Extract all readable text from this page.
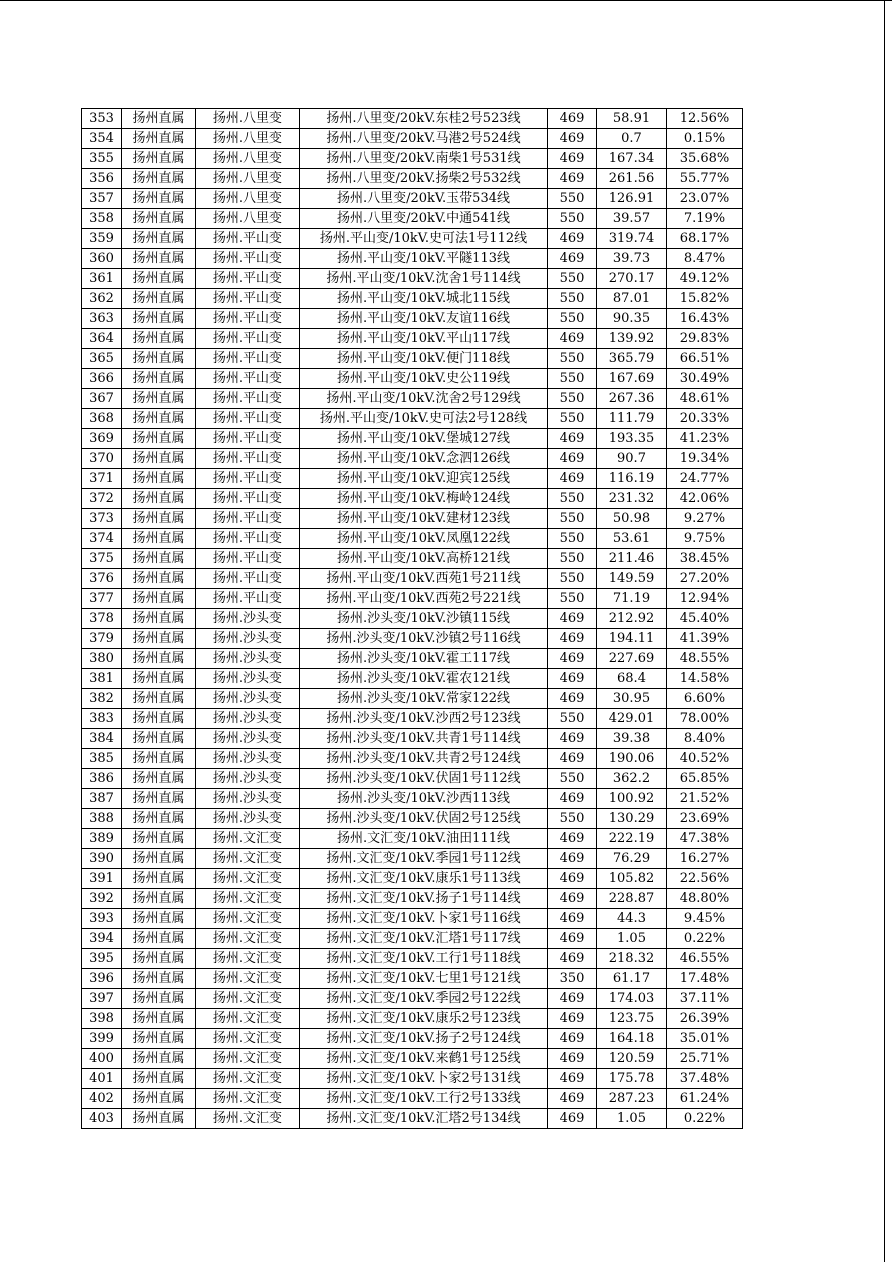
353	扬州直属	扬州.八里变	扬州.八里变/20kV.东桂2号523线	469	58.91	12.56%
354	扬州直属	扬州.八里变	扬州.八里变/20kV.马港2号524线	469	0.7	0.15%
355	扬州直属	扬州.八里变	扬州.八里变/20kV.南柴1号531线	469	167.34	35.68%
356	扬州直属	扬州.八里变	扬州.八里变/20kV.扬柴2号532线	469	261.56	55.77%
357	扬州直属	扬州.八里变	扬州.八里变/20kV.玉带534线	550	126.91	23.07%
358	扬州直属	扬州.八里变	扬州.八里变/20kV.中通541线	550	39.57	7.19%
359	扬州直属	扬州.平山变	扬州.平山变/10kV.史可法1号112线	469	319.74	68.17%
360	扬州直属	扬州.平山变	扬州.平山变/10kV.平隧113线	469	39.73	8.47%
361	扬州直属	扬州.平山变	扬州.平山变/10kV.沈舍1号114线	550	270.17	49.12%
362	扬州直属	扬州.平山变	扬州.平山变/10kV.城北115线	550	87.01	15.82%
363	扬州直属	扬州.平山变	扬州.平山变/10kV.友谊116线	550	90.35	16.43%
364	扬州直属	扬州.平山变	扬州.平山变/10kV.平山117线	469	139.92	29.83%
365	扬州直属	扬州.平山变	扬州.平山变/10kV.便门118线	550	365.79	66.51%
366	扬州直属	扬州.平山变	扬州.平山变/10kV.史公119线	550	167.69	30.49%
367	扬州直属	扬州.平山变	扬州.平山变/10kV.沈舍2号129线	550	267.36	48.61%
368	扬州直属	扬州.平山变	扬州.平山变/10kV.史可法2号128线	550	111.79	20.33%
369	扬州直属	扬州.平山变	扬州.平山变/10kV.堡城127线	469	193.35	41.23%
370	扬州直属	扬州.平山变	扬州.平山变/10kV.念泗126线	469	90.7	19.34%
371	扬州直属	扬州.平山变	扬州.平山变/10kV.迎宾125线	469	116.19	24.77%
372	扬州直属	扬州.平山变	扬州.平山变/10kV.梅岭124线	550	231.32	42.06%
373	扬州直属	扬州.平山变	扬州.平山变/10kV.建材123线	550	50.98	9.27%
374	扬州直属	扬州.平山变	扬州.平山变/10kV.凤凰122线	550	53.61	9.75%
375	扬州直属	扬州.平山变	扬州.平山变/10kV.高桥121线	550	211.46	38.45%
376	扬州直属	扬州.平山变	扬州.平山变/10kV.西苑1号211线	550	149.59	27.20%
377	扬州直属	扬州.平山变	扬州.平山变/10kV.西苑2号221线	550	71.19	12.94%
378	扬州直属	扬州.沙头变	扬州.沙头变/10kV.沙镇115线	469	212.92	45.40%
379	扬州直属	扬州.沙头变	扬州.沙头变/10kV.沙镇2号116线	469	194.11	41.39%
380	扬州直属	扬州.沙头变	扬州.沙头变/10kV.霍工117线	469	227.69	48.55%
381	扬州直属	扬州.沙头变	扬州.沙头变/10kV.霍农121线	469	68.4	14.58%
382	扬州直属	扬州.沙头变	扬州.沙头变/10kV.常家122线	469	30.95	6.60%
383	扬州直属	扬州.沙头变	扬州.沙头变/10kV.沙西2号123线	550	429.01	78.00%
384	扬州直属	扬州.沙头变	扬州.沙头变/10kV.共青1号114线	469	39.38	8.40%
385	扬州直属	扬州.沙头变	扬州.沙头变/10kV.共青2号124线	469	190.06	40.52%
386	扬州直属	扬州.沙头变	扬州.沙头变/10kV.伏固1号112线	550	362.2	65.85%
387	扬州直属	扬州.沙头变	扬州.沙头变/10kV.沙西113线	469	100.92	21.52%
388	扬州直属	扬州.沙头变	扬州.沙头变/10kV.伏固2号125线	550	130.29	23.69%
389	扬州直属	扬州.文汇变	扬州.文汇变/10kV.油田111线	469	222.19	47.38%
390	扬州直属	扬州.文汇变	扬州.文汇变/10kV.季园1号112线	469	76.29	16.27%
391	扬州直属	扬州.文汇变	扬州.文汇变/10kV.康乐1号113线	469	105.82	22.56%
392	扬州直属	扬州.文汇变	扬州.文汇变/10kV.扬子1号114线	469	228.87	48.80%
393	扬州直属	扬州.文汇变	扬州.文汇变/10kV.卜家1号116线	469	44.3	9.45%
394	扬州直属	扬州.文汇变	扬州.文汇变/10kV.汇塔1号117线	469	1.05	0.22%
395	扬州直属	扬州.文汇变	扬州.文汇变/10kV.工行1号118线	469	218.32	46.55%
396	扬州直属	扬州.文汇变	扬州.文汇变/10kV.七里1号121线	350	61.17	17.48%
397	扬州直属	扬州.文汇变	扬州.文汇变/10kV.季园2号122线	469	174.03	37.11%
398	扬州直属	扬州.文汇变	扬州.文汇变/10kV.康乐2号123线	469	123.75	26.39%
399	扬州直属	扬州.文汇变	扬州.文汇变/10kV.扬子2号124线	469	164.18	35.01%
400	扬州直属	扬州.文汇变	扬州.文汇变/10kV.来鹤1号125线	469	120.59	25.71%
401	扬州直属	扬州.文汇变	扬州.文汇变/10kV.卜家2号131线	469	175.78	37.48%
402	扬州直属	扬州.文汇变	扬州.文汇变/10kV.工行2号133线	469	287.23	61.24%
403	扬州直属	扬州.文汇变	扬州.文汇变/10kV.汇塔2号134线	469	1.05	0.22%
